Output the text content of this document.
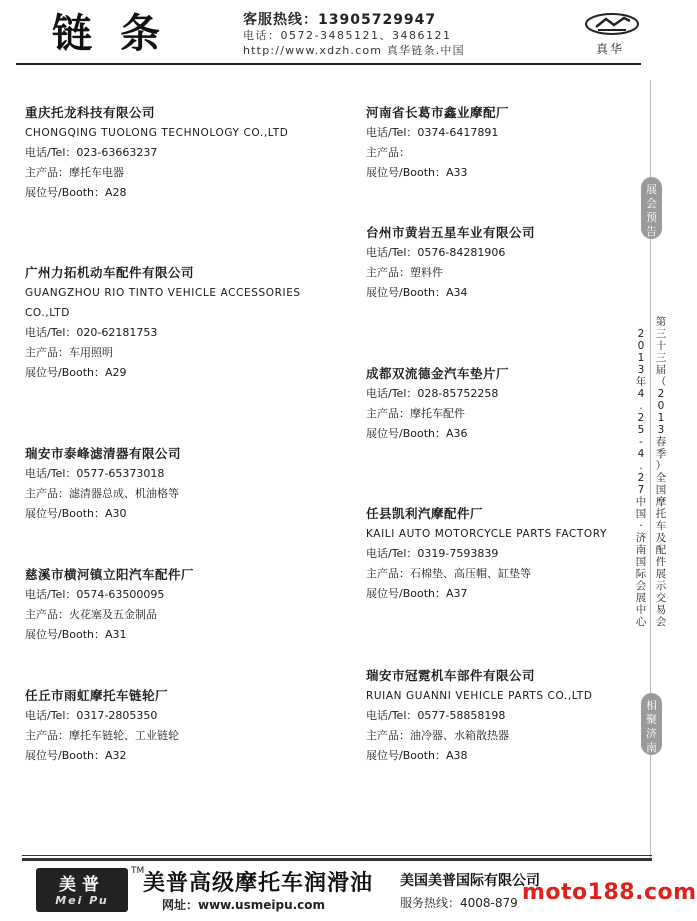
链条	客服热线：13905729947
电话：0572-3485121、3486121
http://www.xdzh.com 真华链条.中国	真华
重庆托龙科技有限公司
CHONGQING TUOLONG TECHNOLOGY CO.,LTD
电话/Tel：023-63663237
主产品：摩托车电器
展位号/Booth：A28
广州力拓机动车配件有限公司
GUANGZHOU RIO TINTO VEHICLE ACCESSORIES
CO.,LTD
电话/Tel：020-62181753
主产品：车用照明
展位号/Booth：A29
瑞安市泰峰滤清器有限公司
电话/Tel：0577-65373018
主产品：滤清器总成、机油格等
展位号/Booth：A30
慈溪市横河镇立阳汽车配件厂
电话/Tel：0574-63500095
主产品：火花塞及五金制品
展位号/Booth：A31
任丘市雨虹摩托车链轮厂
电话/Tel：0317-2805350
主产品：摩托车链轮、工业链轮
展位号/Booth：A32
河南省长葛市鑫业摩配厂
电话/Tel：0374-6417891
主产品：
展位号/Booth：A33
台州市黄岩五星车业有限公司
电话/Tel：0576-84281906
主产品：塑料件
展位号/Booth：A34
成都双流德金汽车垫片厂
电话/Tel：028-85752258
主产品：摩托车配件
展位号/Booth：A36
任县凯利汽摩配件厂
KAILI AUTO MOTORCYCLE PARTS FACTORY
电话/Tel：0319-7593839
主产品：石棉垫、高压帽、缸垫等
展位号/Booth：A37
瑞安市冠霓机车部件有限公司
RUIAN GUANNI VEHICLE PARTS CO.,LTD
电话/Tel：0577-58858198
主产品：油冷器、水箱散热器
展位号/Booth：A38
展
会
预
告
相
聚
济
南
第
三
十
三
届
（
2
0
1
3
春
季
）
全
国
摩
托
车
及
配
件
展
示
交
易
会
2
0
1
3
年
4
.
2
5
-
4
.
2
7
中
国
·
济
南
国
际
会
展
中
心
美普
Mei Pu
TM
美普高级摩托车润滑油
网址：www.usmeipu.com
美国美普国际有限公司
服务热线：4008-879 moto188.com
